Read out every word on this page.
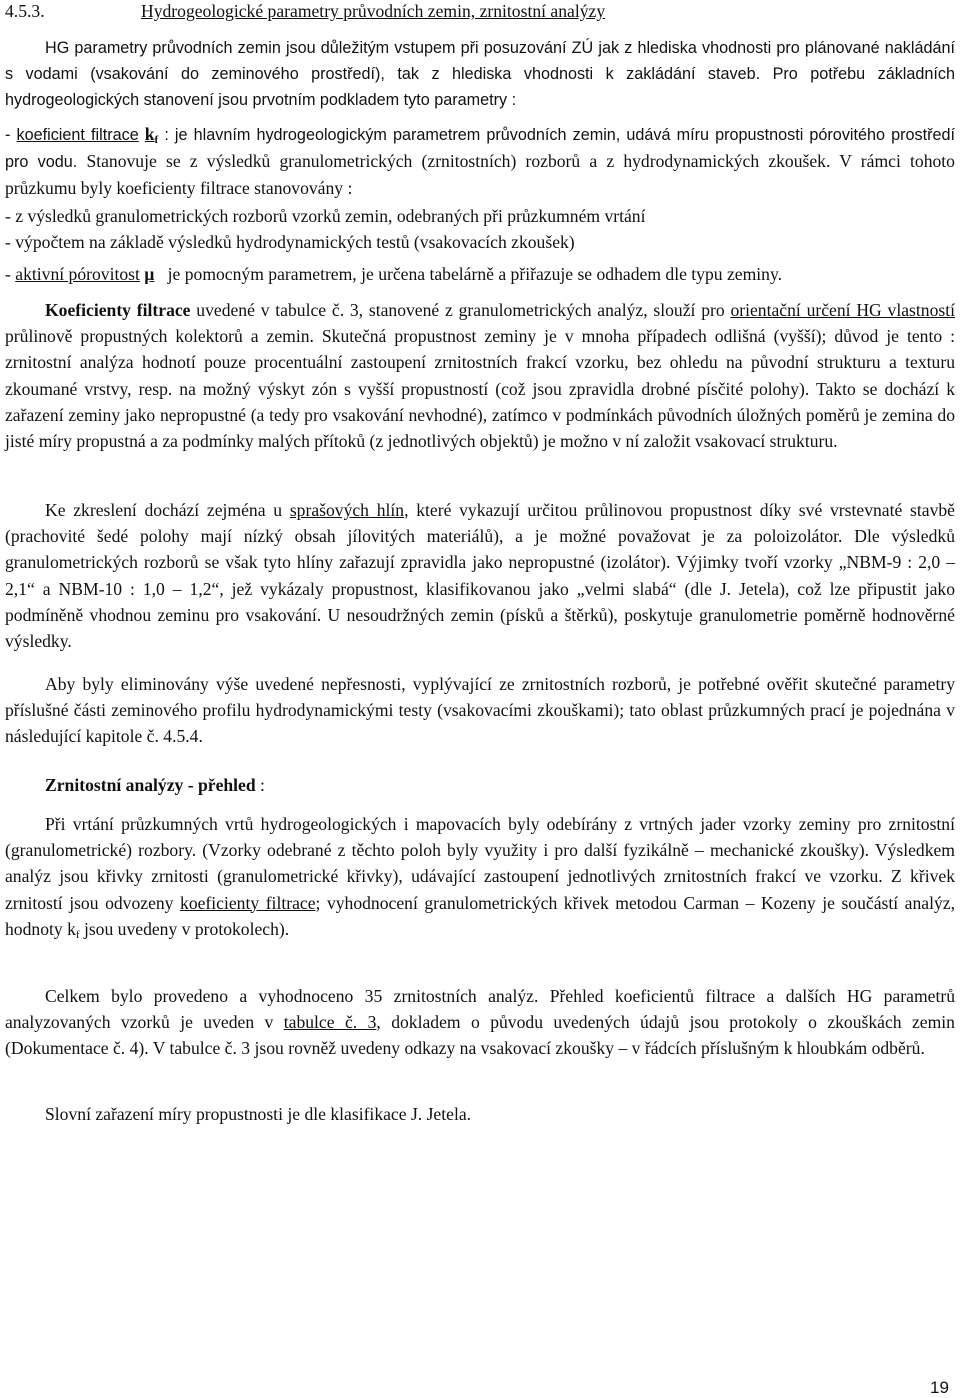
4.5.3.	Hydrogeologické parametry průvodních zemin, zrnitostní analýzy

HG parametry průvodních zemin jsou důležitým vstupem při posuzování ZÚ jak z hlediska vhodnosti pro plánované nakládání s vodami (vsakování do zeminového prostředí), tak z hlediska vhodnosti k zakládání staveb. Pro potřebu základních hydrogeologických stanovení jsou prvotním podkladem tyto parametry :

- koeficient filtrace $k_f$ : je hlavním hydrogeologickým parametrem průvodních zemin, udává míru propustnosti pórovitého prostředí pro vodu. Stanovuje se z výsledků granulometrických (zrnitostních) rozborů a z hydrodynamických zkoušek. V rámci tohoto průzkumu byly koeficienty filtrace stanovovány :

- z výsledků granulometrických rozborů vzorků zemin, odebraných při průzkumném vrtání

- výpočtem na základě výsledků hydrodynamických testů (vsakovacích zkoušek)

- aktivní pórovitost µ je pomocným parametrem, je určena tabelárně a přiřazuje se odhadem dle typu zeminy.

Koeficienty filtrace uvedené v tabulce č. 3, stanovené z granulometrických analýz, slouží pro orientační určení HG vlastností průlinově propustných kolektorů a zemin. Skutečná propustnost zeminy je v mnoha případech odlišná (vyšší); důvod je tento : zrnitostní analýza hodnotí pouze procentuální zastoupení zrnitostních frakcí vzorku, bez ohledu na původní strukturu a texturu zkoumané vrstvy, resp. na možný výskyt zón s vyšší propustností (což jsou zpravidla drobné písčité polohy). Takto se dochází k zařazení zeminy jako nepropustné (a tedy pro vsakování nevhodné), zatímco v podmínkách původních úložných poměrů je zemina do jisté míry propustná a za podmínky malých přítoků (z jednotlivých objektů) je možno v ní založit vsakovací strukturu.

Ke zkreslení dochází zejména u sprašových hlín, které vykazují určitou průlinovou propustnost díky své vrstevnaté stavbě (prachovité šedé polohy mají nízký obsah jílovitých materiálů), a je možné považovat je za poloizolátor. Dle výsledků granulometrických rozborů se však tyto hlíny zařazují zpravidla jako nepropustné (izolátor). Výjimky tvoří vzorky „NBM-9 : 2,0 – 2,1“ a NBM-10 : 1,0 – 1,2“, jež vykázaly propustnost, klasifikovanou jako „velmi slabá“ (dle J. Jetela), což lze připustit jako podmíněně vhodnou zeminu pro vsakování. U nesoudržných zemin (písků a štěrků), poskytuje granulometrie poměrně hodnověrné výsledky.

Aby byly eliminovány výše uvedené nepřesnosti, vyplývající ze zrnitostních rozborů, je potřebné ověřit skutečné parametry příslušné části zeminového profilu hydrodynamickými testy (vsakovacími zkouškami); tato oblast průzkumných prací je pojednána v následující kapitole č. 4.5.4.

Zrnitostní analýzy - přehled :

Při vrtání průzkumných vrtů hydrogeologických i mapovacích byly odebírány z vrtných jader vzorky zeminy pro zrnitostní (granulometrické) rozbory. (Vzorky odebrané z těchto poloh byly využity i pro další fyzikálně – mechanické zkoušky). Výsledkem analýz jsou křivky zrnitosti (granulometrické křivky), udávající zastoupení jednotlivých zrnitostních frakcí ve vzorku. Z křivek zrnitostí jsou odvozeny koeficienty filtrace; vyhodnocení granulometrických křivek metodou Carman – Kozeny je součástí analýz, hodnoty $k_f$ jsou uvedeny v protokolech).

Celkem bylo provedeno a vyhodnoceno 35 zrnitostních analýz. Přehled koeficientů filtrace a dalších HG parametrů analyzovaných vzorků je uveden v tabulce č. 3, dokladem o původu uvedených údajů jsou protokoly o zkouškách zemin (Dokumentace č. 4). V tabulce č. 3 jsou rovněž uvedeny odkazy na vsakovací zkoušky – v řádcích příslušným k hloubkám odběrů.

Slovní zařazení míry propustnosti je dle klasifikace J. Jetela.

19
